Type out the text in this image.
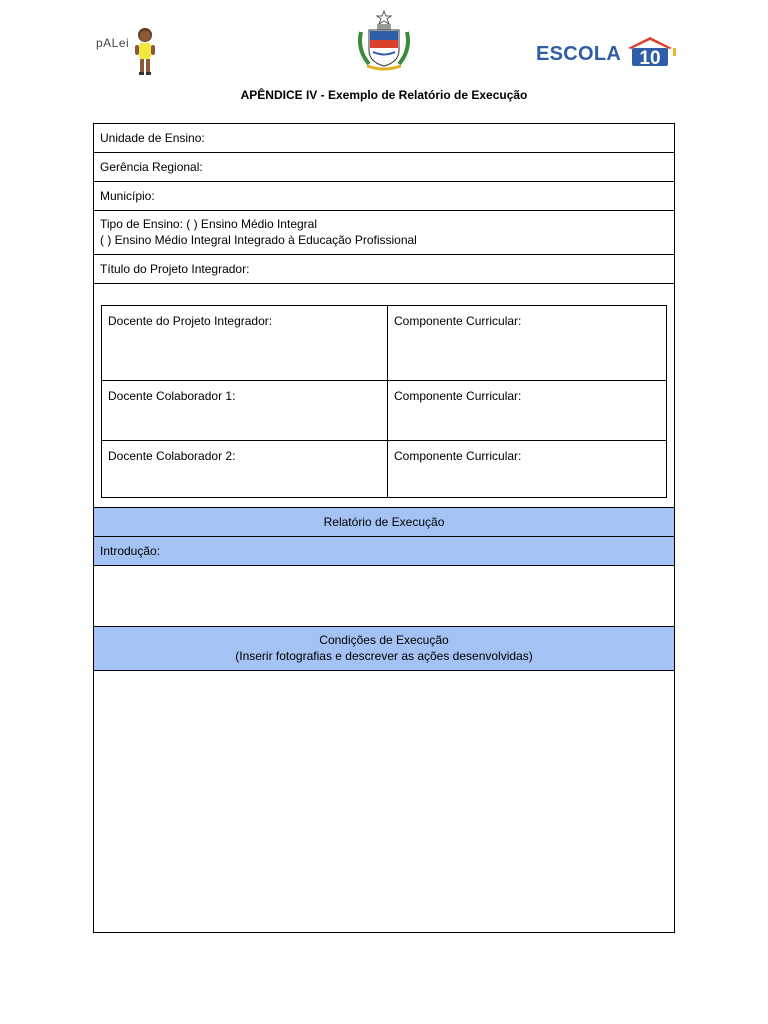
pALei	ESCOLA 10
APÊNDICE IV - Exemplo de Relatório de Execução
Unidade de Ensino:
Gerência Regional:
Município:
Tipo de Ensino: ( ) Ensino Médio Integral
( ) Ensino Médio Integral Integrado à Educação Profissional
Título do Projeto Integrador:
Docente do Projeto Integrador:	Componente Curricular:
Docente Colaborador 1:	Componente Curricular:
Docente Colaborador 2:	Componente Curricular:
Relatório de Execução
Introdução:
Condições de Execução
(Inserir fotografias e descrever as ações desenvolvidas)
